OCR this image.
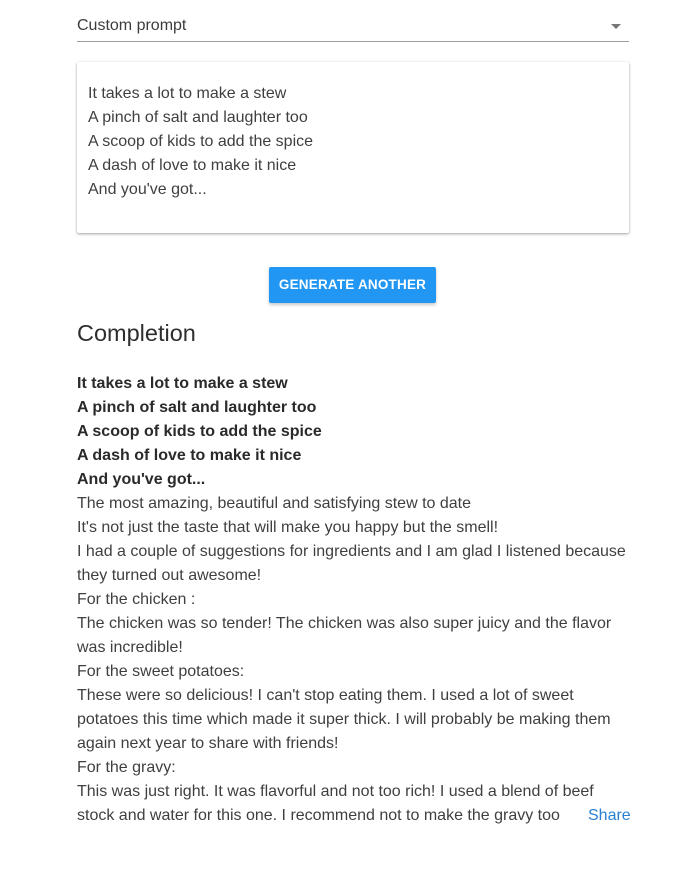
Custom prompt
It takes a lot to make a stew
A pinch of salt and laughter too
A scoop of kids to add the spice
A dash of love to make it nice
And you've got...
GENERATE ANOTHER
Completion
It takes a lot to make a stew
A pinch of salt and laughter too
A scoop of kids to add the spice
A dash of love to make it nice
And you've got...
The most amazing, beautiful and satisfying stew to date
It's not just the taste that will make you happy but the smell!
I had a couple of suggestions for ingredients and I am glad I listened because
they turned out awesome!
For the chicken :
The chicken was so tender! The chicken was also super juicy and the flavor
was incredible!
For the sweet potatoes:
These were so delicious! I can't stop eating them. I used a lot of sweet
potatoes this time which made it super thick. I will probably be making them
again next year to share with friends!
For the gravy:
This was just right. It was flavorful and not too rich! I used a blend of beef
stock and water for this one. I recommend not to make the gravy too	Share
